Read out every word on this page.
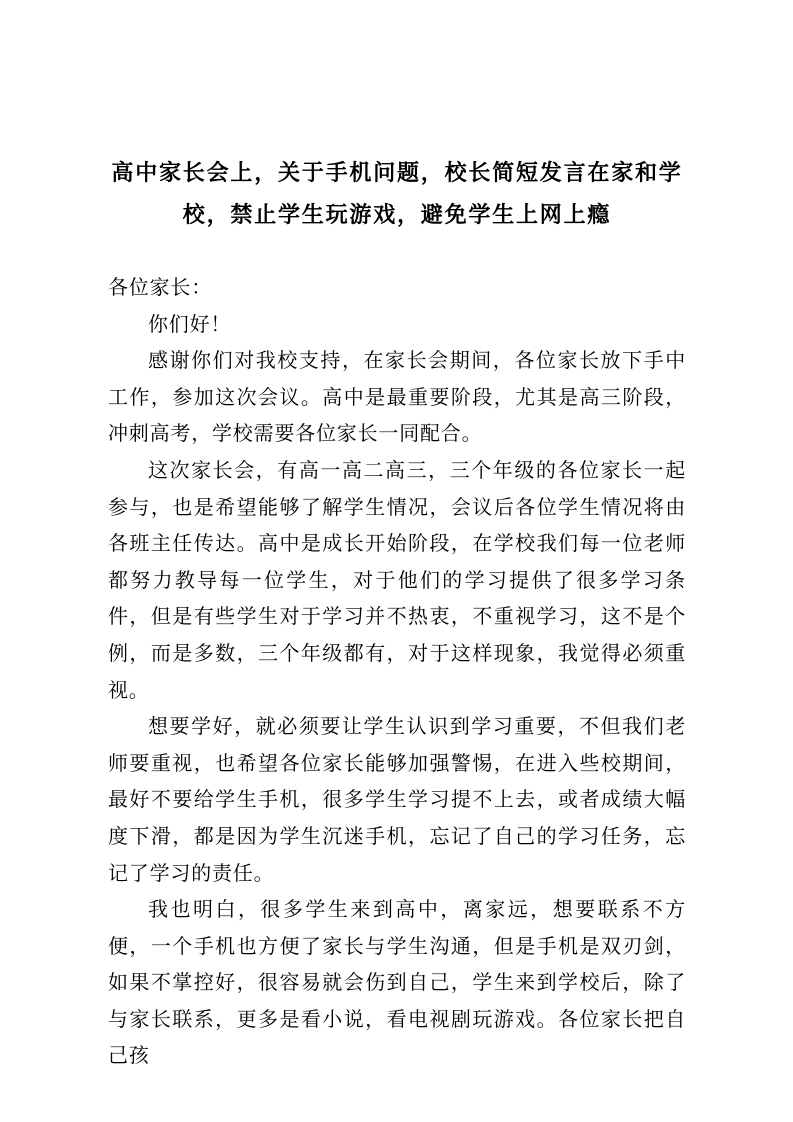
高中家长会上，关于手机问题，校长简短发言在家和学校，禁止学生玩游戏，避免学生上网上瘾

各位家长：

你们好！

感谢你们对我校支持，在家长会期间，各位家长放下手中工作，参加这次会议。高中是最重要阶段，尤其是高三阶段，冲刺高考，学校需要各位家长一同配合。

这次家长会，有高一高二高三，三个年级的各位家长一起参与，也是希望能够了解学生情况，会议后各位学生情况将由各班主任传达。高中是成长开始阶段，在学校我们每一位老师都努力教导每一位学生，对于他们的学习提供了很多学习条件，但是有些学生对于学习并不热衷，不重视学习，这不是个例，而是多数，三个年级都有，对于这样现象，我觉得必须重视。

想要学好，就必须要让学生认识到学习重要，不但我们老师要重视，也希望各位家长能够加强警惕，在进入些校期间，最好不要给学生手机，很多学生学习提不上去，或者成绩大幅度下滑，都是因为学生沉迷手机，忘记了自己的学习任务，忘记了学习的责任。

我也明白，很多学生来到高中，离家远，想要联系不方便，一个手机也方便了家长与学生沟通，但是手机是双刃剑，如果不掌控好，很容易就会伤到自己，学生来到学校后，除了与家长联系，更多是看小说，看电视剧玩游戏。各位家长把自己孩
